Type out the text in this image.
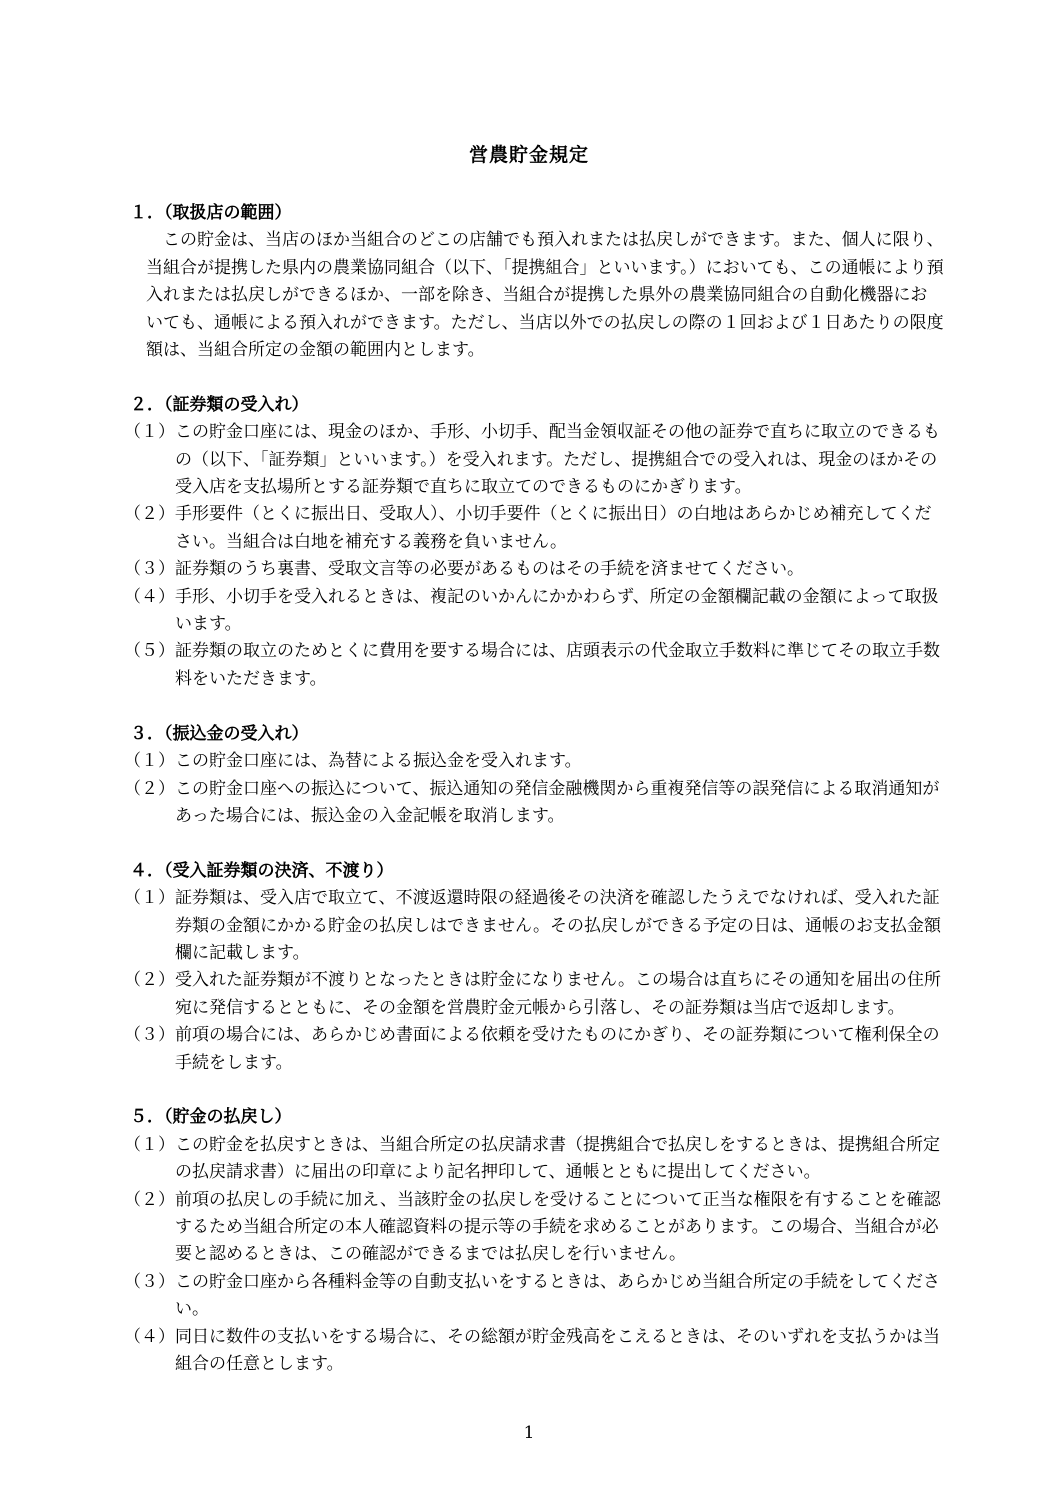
営農貯金規定

１．（取扱店の範囲）

この貯金は、当店のほか当組合のどこの店舗でも預入れまたは払戻しができます。また、個人に限り、当組合が提携した県内の農業協同組合（以下、「提携組合」といいます。）においても、この通帳により預入れまたは払戻しができるほか、一部を除き、当組合が提携した県外の農業協同組合の自動化機器においても、通帳による預入れができます。ただし、当店以外での払戻しの際の１回および１日あたりの限度額は、当組合所定の金額の範囲内とします。

２．（証券類の受入れ）

（１） この貯金口座には、現金のほか、手形、小切手、配当金領収証その他の証券で直ちに取立のできるもの（以下、「証券類」といいます。）を受入れます。ただし、提携組合での受入れは、現金のほかその受入店を支払場所とする証券類で直ちに取立てのできるものにかぎります。
（２） 手形要件（とくに振出日、受取人）、小切手要件（とくに振出日）の白地はあらかじめ補充してください。当組合は白地を補充する義務を負いません。
（３） 証券類のうち裏書、受取文言等の必要があるものはその手続を済ませてください。
（４） 手形、小切手を受入れるときは、複記のいかんにかかわらず、所定の金額欄記載の金額によって取扱います。
（５） 証券類の取立のためとくに費用を要する場合には、店頭表示の代金取立手数料に準じてその取立手数料をいただきます。

３．（振込金の受入れ）

（１） この貯金口座には、為替による振込金を受入れます。
（２） この貯金口座への振込について、振込通知の発信金融機関から重複発信等の誤発信による取消通知があった場合には、振込金の入金記帳を取消します。

４．（受入証券類の決済、不渡り）

（１） 証券類は、受入店で取立て、不渡返還時限の経過後その決済を確認したうえでなければ、受入れた証券類の金額にかかる貯金の払戻しはできません。その払戻しができる予定の日は、通帳のお支払金額欄に記載します。
（２） 受入れた証券類が不渡りとなったときは貯金になりません。この場合は直ちにその通知を届出の住所宛に発信するとともに、その金額を営農貯金元帳から引落し、その証券類は当店で返却します。
（３） 前項の場合には、あらかじめ書面による依頼を受けたものにかぎり、その証券類について権利保全の手続をします。

５．（貯金の払戻し）

（１） この貯金を払戻すときは、当組合所定の払戻請求書（提携組合で払戻しをするときは、提携組合所定の払戻請求書）に届出の印章により記名押印して、通帳とともに提出してください。
（２） 前項の払戻しの手続に加え、当該貯金の払戻しを受けることについて正当な権限を有することを確認するため当組合所定の本人確認資料の提示等の手続を求めることがあります。この場合、当組合が必要と認めるときは、この確認ができるまでは払戻しを行いません。
（３） この貯金口座から各種料金等の自動支払いをするときは、あらかじめ当組合所定の手続をしてください。
（４） 同日に数件の支払いをする場合に、その総額が貯金残高をこえるときは、そのいずれを支払うかは当組合の任意とします。
1
